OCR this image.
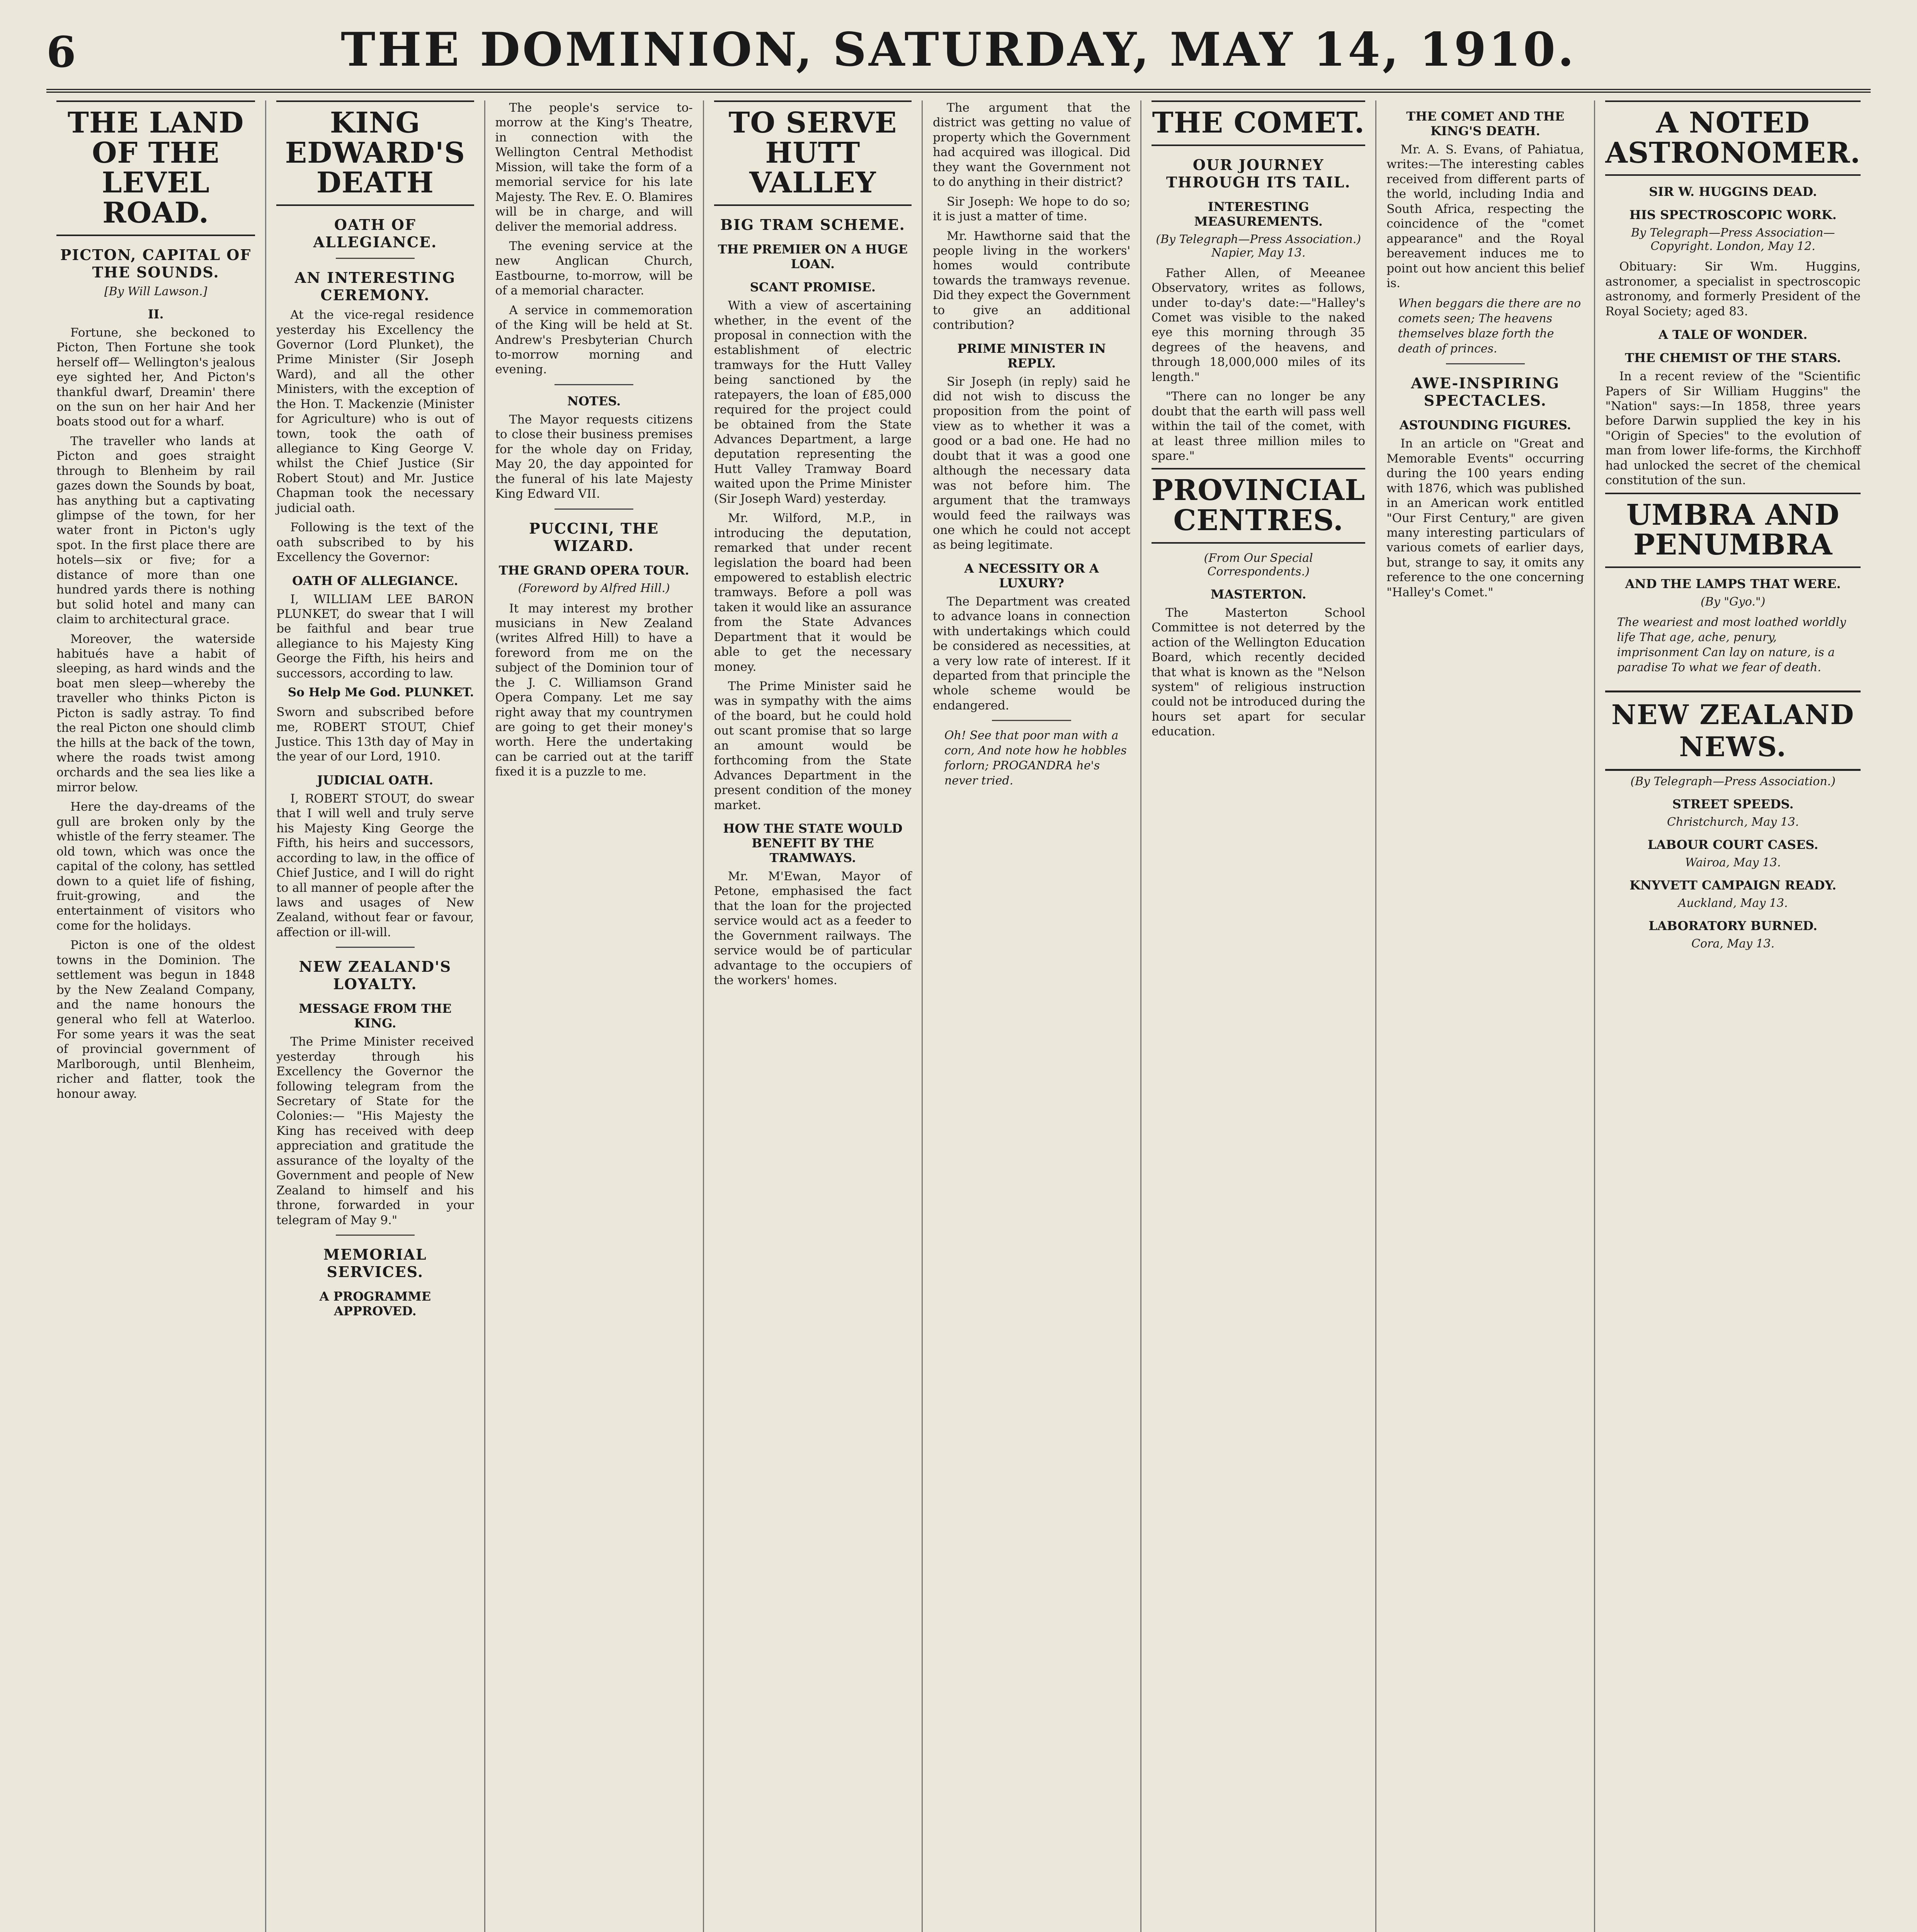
6	THE DOMINION, SATURDAY, MAY 14, 1910.
THE LAND OF THE LEVEL ROAD.
PICTON, CAPITAL OF THE SOUNDS.
[By Will Lawson.]
II.

Fortune, she beckoned to Picton, Then Fortune she took herself off— Wellington's jealous eye sighted her, And Picton's thankful dwarf, Dreamin' there on the sun on her hair And her boats stood out for a wharf.

The traveller who lands at Picton and goes straight through to Blenheim by rail gazes down the Sounds by boat, has anything but a captivating glimpse of the town, for her water front in Picton's ugly spot. In the first place there are hotels—six or five; for a distance of more than one hundred yards there is nothing but solid hotel and many can claim to architectural grace.

Moreover, the waterside habitués have a habit of sleeping, as hard winds and the boat men sleep—whereby the traveller who thinks Picton is Picton is sadly astray. To find the real Picton one should climb the hills at the back of the town, where the roads twist among orchards and the sea lies like a mirror below.

Here the day-dreams of the gull are broken only by the whistle of the ferry steamer. The old town, which was once the capital of the colony, has settled down to a quiet life of fishing, fruit-growing, and the entertainment of visitors who come for the holidays.

Picton is one of the oldest towns in the Dominion. The settlement was begun in 1848 by the New Zealand Company, and the name honours the general who fell at Waterloo. For some years it was the seat of provincial government of Marlborough, until Blenheim, richer and flatter, took the honour away.

KING EDWARD'S DEATH
OATH OF ALLEGIANCE.
AN INTERESTING CEREMONY.

At the vice-regal residence yesterday his Excellency the Governor (Lord Plunket), the Prime Minister (Sir Joseph Ward), and all the other Ministers, with the exception of the Hon. T. Mackenzie (Minister for Agriculture) who is out of town, took the oath of allegiance to King George V. whilst the Chief Justice (Sir Robert Stout) and Mr. Justice Chapman took the necessary judicial oath.

Following is the text of the oath subscribed to by his Excellency the Governor:

OATH OF ALLEGIANCE.

I, WILLIAM LEE BARON PLUNKET, do swear that I will be faithful and bear true allegiance to his Majesty King George the Fifth, his heirs and successors, according to law.

So Help Me God. PLUNKET.

Sworn and subscribed before me, ROBERT STOUT, Chief Justice. This 13th day of May in the year of our Lord, 1910.

JUDICIAL OATH.

I, ROBERT STOUT, do swear that I will well and truly serve his Majesty King George the Fifth, his heirs and successors, according to law, in the office of Chief Justice, and I will do right to all manner of people after the laws and usages of New Zealand, without fear or favour, affection or ill-will.

NEW ZEALAND'S LOYALTY.
MESSAGE FROM THE KING.

The Prime Minister received yesterday through his Excellency the Governor the following telegram from the Secretary of State for the Colonies:— "His Majesty the King has received with deep appreciation and gratitude the assurance of the loyalty of the Government and people of New Zealand to himself and his throne, forwarded in your telegram of May 9."

MEMORIAL SERVICES.
A PROGRAMME APPROVED.

The people's service to-morrow at the King's Theatre, in connection with the Wellington Central Methodist Mission, will take the form of a memorial service for his late Majesty. The Rev. E. O. Blamires will be in charge, and will deliver the memorial address.

The evening service at the new Anglican Church, Eastbourne, to-morrow, will be of a memorial character.

A service in commemoration of the King will be held at St. Andrew's Presbyterian Church to-morrow morning and evening.

NOTES.

The Mayor requests citizens to close their business premises for the whole day on Friday, May 20, the day appointed for the funeral of his late Majesty King Edward VII.

PUCCINI, THE WIZARD.
THE GRAND OPERA TOUR.
(Foreword by Alfred Hill.)

It may interest my brother musicians in New Zealand (writes Alfred Hill) to have a foreword from me on the subject of the Dominion tour of the J. C. Williamson Grand Opera Company. Let me say right away that my countrymen are going to get their money's worth. Here the undertaking can be carried out at the tariff fixed it is a puzzle to me.

TO SERVE HUTT VALLEY
BIG TRAM SCHEME.
THE PREMIER ON A HUGE LOAN.
SCANT PROMISE.

With a view of ascertaining whether, in the event of the proposal in connection with the establishment of electric tramways for the Hutt Valley being sanctioned by the ratepayers, the loan of £85,000 required for the project could be obtained from the State Advances Department, a large deputation representing the Hutt Valley Tramway Board waited upon the Prime Minister (Sir Joseph Ward) yesterday.

Mr. Wilford, M.P., in introducing the deputation, remarked that under recent legislation the board had been empowered to establish electric tramways. Before a poll was taken it would like an assurance from the State Advances Department that it would be able to get the necessary money.

The Prime Minister said he was in sympathy with the aims of the board, but he could hold out scant promise that so large an amount would be forthcoming from the State Advances Department in the present condition of the money market.

HOW THE STATE WOULD BENEFIT BY THE TRAMWAYS.

Mr. M'Ewan, Mayor of Petone, emphasised the fact that the loan for the projected service would act as a feeder to the Government railways. The service would be of particular advantage to the occupiers of the workers' homes.

The argument that the district was getting no value of property which the Government had acquired was illogical. Did they want the Government not to do anything in their district?

Sir Joseph: We hope to do so; it is just a matter of time.

Mr. Hawthorne said that the people living in the workers' homes would contribute towards the tramways revenue. Did they expect the Government to give an additional contribution?

PRIME MINISTER IN REPLY.

Sir Joseph (in reply) said he did not wish to discuss the proposition from the point of view as to whether it was a good or a bad one. He had no doubt that it was a good one although the necessary data was not before him. The argument that the tramways would feed the railways was one which he could not accept as being legitimate.

A NECESSITY OR A LUXURY?

The Department was created to advance loans in connection with undertakings which could be considered as necessities, at a very low rate of interest. If it departed from that principle the whole scheme would be endangered.

Oh! See that poor man with a corn, And note how he hobbles forlorn; PROGANDRA he's never tried.
THE COMET.
OUR JOURNEY THROUGH ITS TAIL.
INTERESTING MEASUREMENTS.
(By Telegraph—Press Association.) Napier, May 13.

Father Allen, of Meeanee Observatory, writes as follows, under to-day's date:—"Halley's Comet was visible to the naked eye this morning through 35 degrees of the heavens, and through 18,000,000 miles of its length."

"There can no longer be any doubt that the earth will pass well within the tail of the comet, with at least three million miles to spare."

PROVINCIAL CENTRES.
(From Our Special Correspondents.)
MASTERTON.

The Masterton School Committee is not deterred by the action of the Wellington Education Board, which recently decided that what is known as the "Nelson system" of religious instruction could not be introduced during the hours set apart for secular education.

THE COMET AND THE KING'S DEATH.

Mr. A. S. Evans, of Pahiatua, writes:—The interesting cables received from different parts of the world, including India and South Africa, respecting the coincidence of the "comet appearance" and the Royal bereavement induces me to point out how ancient this belief is.

When beggars die there are no comets seen; The heavens themselves blaze forth the death of princes.
AWE-INSPIRING SPECTACLES.
ASTOUNDING FIGURES.

In an article on "Great and Memorable Events" occurring during the 100 years ending with 1876, which was published in an American work entitled "Our First Century," are given many interesting particulars of various comets of earlier days, but, strange to say, it omits any reference to the one concerning "Halley's Comet."

A NOTED ASTRONOMER.
SIR W. HUGGINS DEAD.
HIS SPECTROSCOPIC WORK.
By Telegraph—Press Association—Copyright. London, May 12.

Obituary: Sir Wm. Huggins, astronomer, a specialist in spectroscopic astronomy, and formerly President of the Royal Society; aged 83.

A TALE OF WONDER.
THE CHEMIST OF THE STARS.

In a recent review of the "Scientific Papers of Sir William Huggins" the "Nation" says:—In 1858, three years before Darwin supplied the key in his "Origin of Species" to the evolution of man from lower life-forms, the Kirchhoff had unlocked the secret of the chemical constitution of the sun.

UMBRA AND PENUMBRA
AND THE LAMPS THAT WERE.
(By "Gyo.")
The weariest and most loathed worldly life That age, ache, penury, imprisonment Can lay on nature, is a paradise To what we fear of death.
NEW ZEALAND NEWS.
(By Telegraph—Press Association.)
STREET SPEEDS.
Christchurch, May 13.
LABOUR COURT CASES.
Wairoa, May 13.
KNYVETT CAMPAIGN READY.
Auckland, May 13.
LABORATORY BURNED.
Cora, May 13.
